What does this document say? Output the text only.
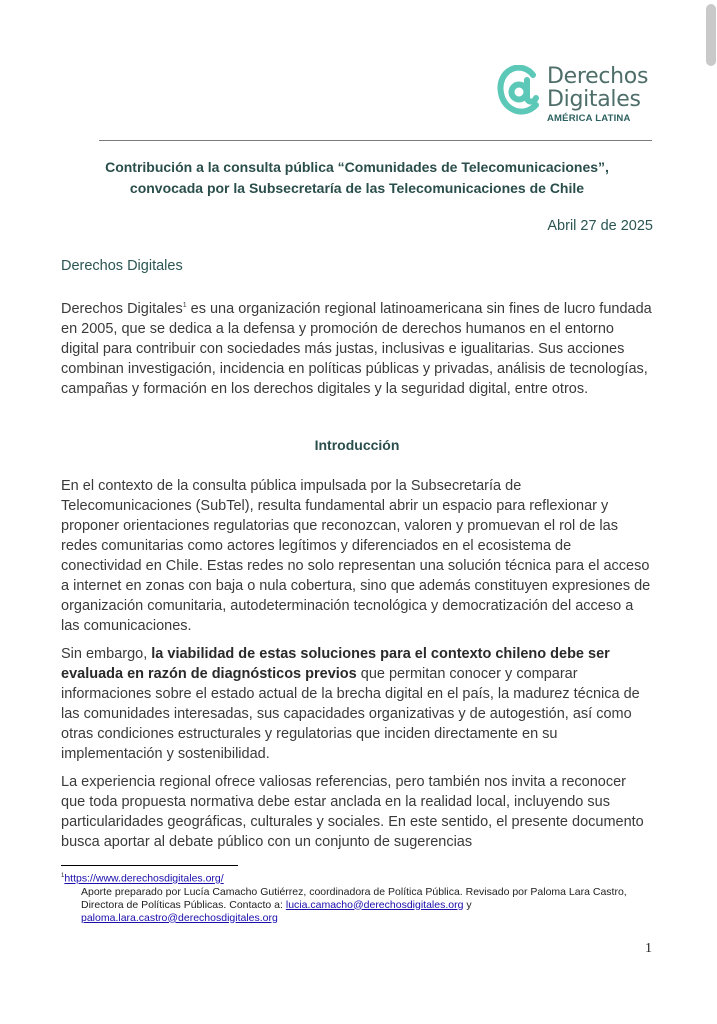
Derechos
Digitales
AMÉRICA LATINA
Contribución a la consulta pública “Comunidades de Telecomunicaciones”,
convocada por la Subsecretaría de las Telecomunicaciones de Chile
Abril 27 de 2025
Derechos Digitales

Derechos Digitales$^1$ es una organización regional latinoamericana sin fines de lucro fundada en 2005, que se dedica a la defensa y promoción de derechos humanos en el entorno digital para contribuir con sociedades más justas, inclusivas e igualitarias. Sus acciones combinan investigación, incidencia en políticas públicas y privadas, análisis de tecnologías, campañas y formación en los derechos digitales y la seguridad digital, entre otros.

Introducción

En el contexto de la consulta pública impulsada por la Subsecretaría de Telecomunicaciones (SubTel), resulta fundamental abrir un espacio para reflexionar y proponer orientaciones regulatorias que reconozcan, valoren y promuevan el rol de las redes comunitarias como actores legítimos y diferenciados en el ecosistema de conectividad en Chile. Estas redes no solo representan una solución técnica para el acceso a internet en zonas con baja o nula cobertura, sino que además constituyen expresiones de organización comunitaria, autodeterminación tecnológica y democratización del acceso a las comunicaciones.

Sin embargo, la viabilidad de estas soluciones para el contexto chileno debe ser evaluada en razón de diagnósticos previos que permitan conocer y comparar informaciones sobre el estado actual de la brecha digital en el país, la madurez técnica de las comunidades interesadas, sus capacidades organizativas y de autogestión, así como otras condiciones estructurales y regulatorias que inciden directamente en su implementación y sostenibilidad.

La experiencia regional ofrece valiosas referencias, pero también nos invita a reconocer que toda propuesta normativa debe estar anclada en la realidad local, incluyendo sus particularidades geográficas, culturales y sociales. En este sentido, el presente documento busca aportar al debate público con un conjunto de sugerencias

$^1$https://www.derechosdigitales.org/
Aporte preparado por Lucía Camacho Gutiérrez, coordinadora de Política Pública. Revisado por Paloma Lara Castro, Directora de Políticas Públicas. Contacto a: lucia.camacho@derechosdigitales.org y paloma.lara.castro@derechosdigitales.org
1
